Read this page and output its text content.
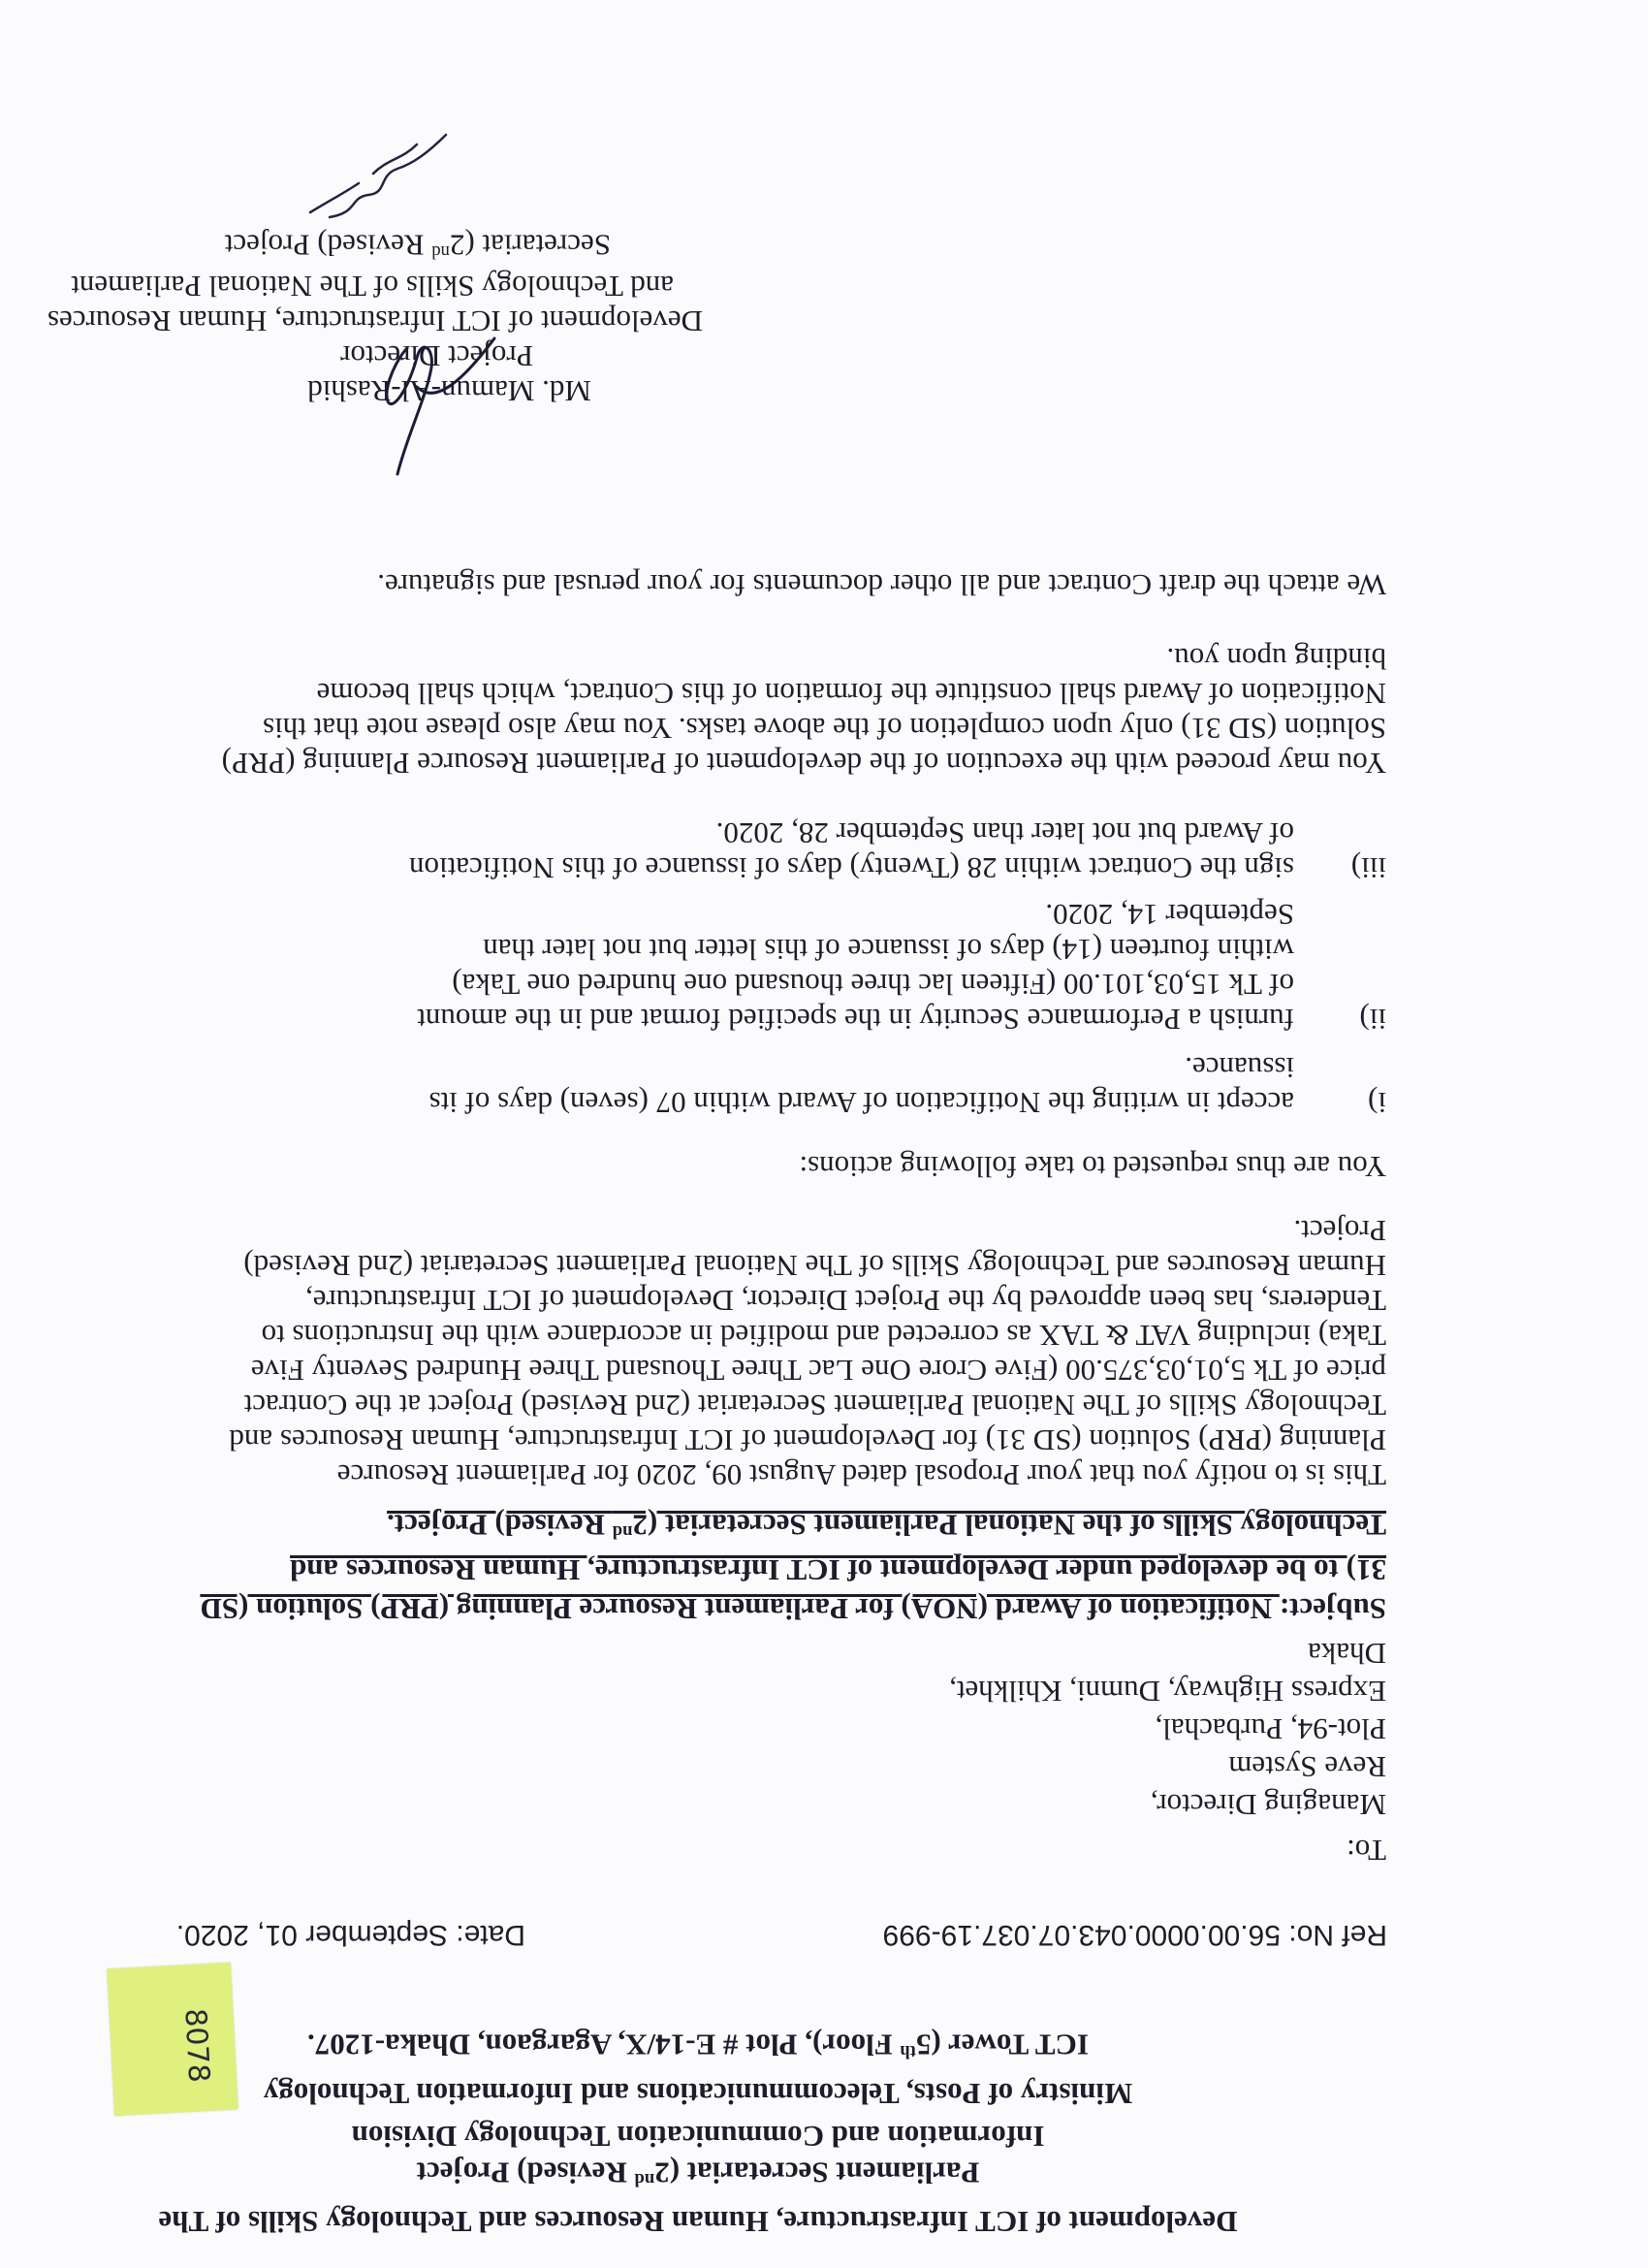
Development of ICT Infrastructure, Human Resources and Technology Skills of The
Parliament Secretariat (2nd Revised) Project
Information and Communication Technology Division
Ministry of Posts, Telecommunications and Information Technology
ICT Tower (5th Floor), Plot # E-14/X, Agargaon, Dhaka-1207.
Ref No: 56.00.0000.043.07.037.19-999
Date: September 01, 2020.
To:
Managing Director,
Reve System
Plot-94, Purbachal,
Express Highway, Dumni, Khilkhet,
Dhaka
Subject: Notification of Award (NOA) for Parliament Resource Planning (PRP) Solution (SD
31) to be developed under Development of ICT Infrastructure, Human Resources and
Technology Skills of the National Parliament Secretariat (2nd Revised) Project.
This is to notify you that your Proposal dated August 09, 2020 for Parliament Resource
Planning (PRP) Solution (SD 31) for Development of ICT Infrastructure, Human Resources and
Technology Skills of The National Parliament Secretariat (2nd Revised) Project at the Contract
price of Tk 5,01,03,375.00 (Five Crore One Lac Three Thousand Three Hundred Seventy Five
Taka) including VAT & TAX as corrected and modified in accordance with the Instructions to
Tenderers, has been approved by the Project Director, Development of ICT Infrastructure,
Human Resources and Technology Skills of The National Parliament Secretariat (2nd Revised)
Project.
You are thus requested to take following actions:
i)
accept in writing the Notification of Award within 07 (seven) days of its
issuance.
ii)
furnish a Performance Security in the specified format and in the amount
of Tk 15,03,101.00 (Fifteen lac three thousand one hundred one Taka)
within fourteen (14) days of issuance of this letter but not later than
September 14, 2020.
iii)
sign the Contract within 28 (Twenty) days of issuance of this Notification
of Award but not later than September 28, 2020.
You may proceed with the execution of the development of Parliament Resource Planning (PRP)
Solution (SD 31) only upon completion of the above tasks. You may also please note that this
Notification of Award shall constitute the formation of this Contract, which shall become
binding upon you.
We attach the draft Contract and all other documents for your perusal and signature.
Md. Mamun-Al-Rashid
Project Director
Development of ICT Infrastructure, Human Resources
and Technology Skills of The National Parliament
Secretariat (2nd Revised) Project
8078
